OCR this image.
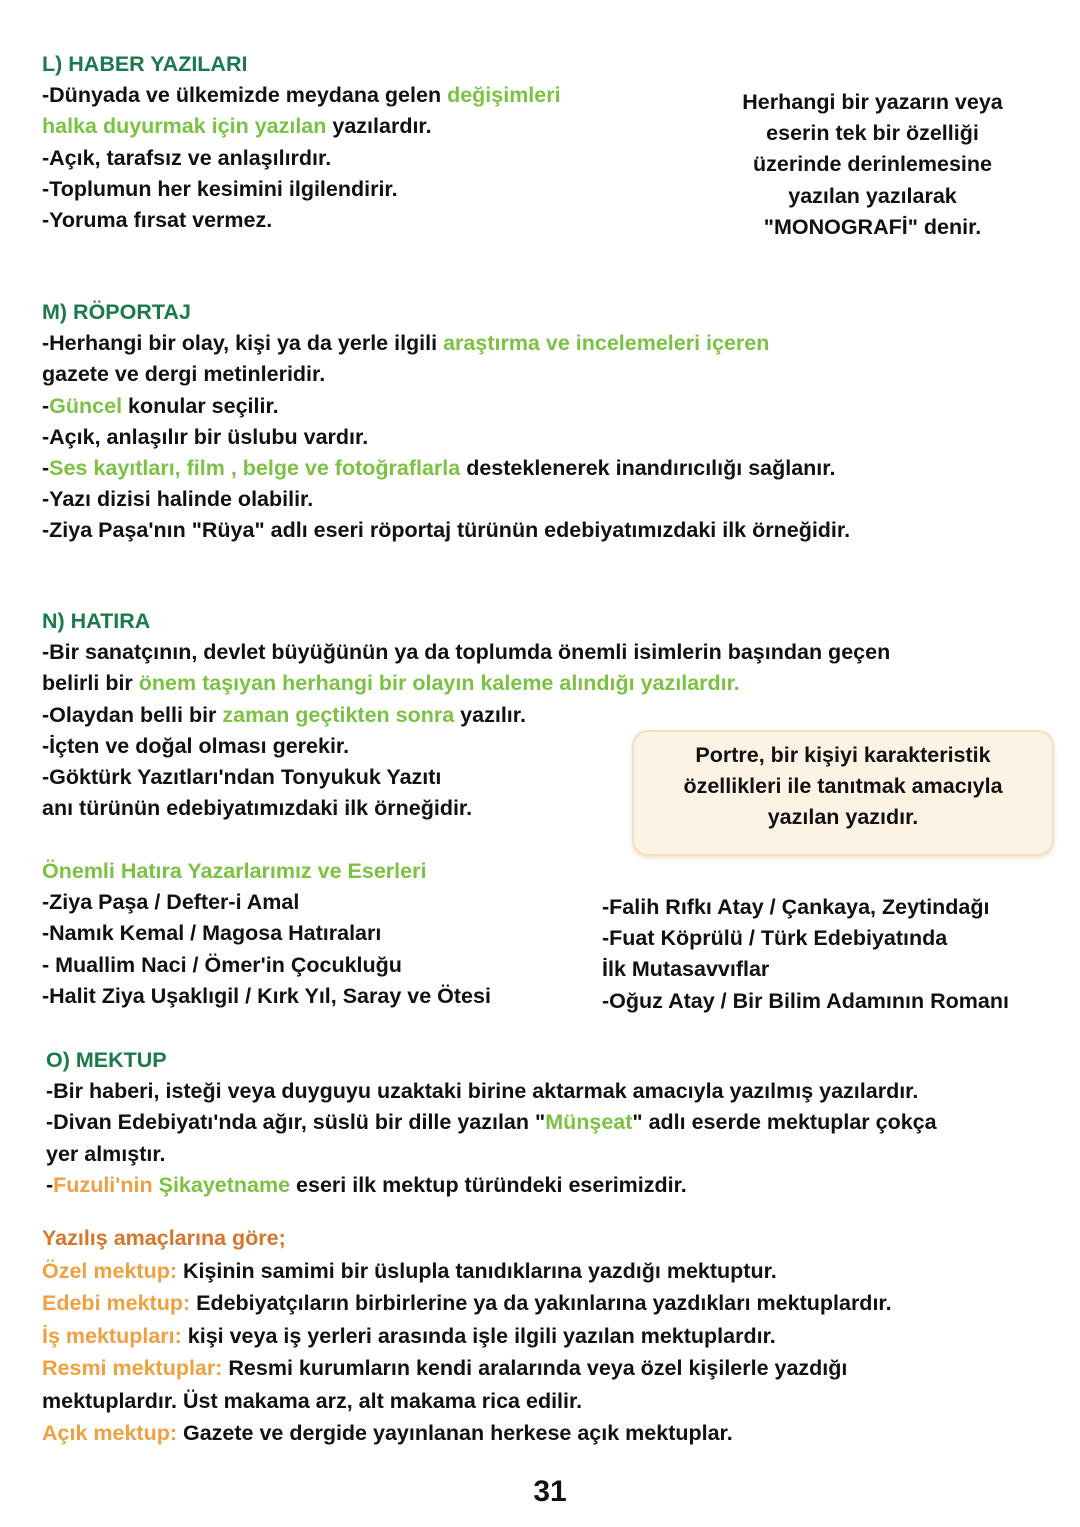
L) HABER YAZILARI
-Dünyada ve ülkemizde meydana gelen değişimleri
halka duyurmak için yazılan yazılardır.
-Açık, tarafsız ve anlaşılırdır.
-Toplumun her kesimini ilgilendirir.
-Yoruma fırsat vermez.
Herhangi bir yazarın veya
eserin tek bir özelliği
üzerinde derinlemesine
yazılan yazılarak
"MONOGRAFİ" denir.
M) RÖPORTAJ
-Herhangi bir olay, kişi ya da yerle ilgili araştırma ve incelemeleri içeren
gazete ve dergi metinleridir.
-Güncel konular seçilir.
-Açık, anlaşılır bir üslubu vardır.
-Ses kayıtları, film , belge ve fotoğraflarla desteklenerek inandırıcılığı sağlanır.
-Yazı dizisi halinde olabilir.
-Ziya Paşa'nın "Rüya" adlı eseri röportaj türünün edebiyatımızdaki ilk örneğidir.
N) HATIRA
-Bir sanatçının, devlet büyüğünün ya da toplumda önemli isimlerin başından geçen
belirli bir önem taşıyan herhangi bir olayın kaleme alındığı yazılardır.
-Olaydan belli bir zaman geçtikten sonra yazılır.
-İçten ve doğal olması gerekir.
-Göktürk Yazıtları'ndan Tonyukuk Yazıtı
anı türünün edebiyatımızdaki ilk örneğidir.
Portre, bir kişiyi karakteristik
özellikleri ile tanıtmak amacıyla
yazılan yazıdır.
Önemli Hatıra Yazarlarımız ve Eserleri
-Ziya Paşa / Defter-i Amal
-Namık Kemal / Magosa Hatıraları
- Muallim Naci / Ömer'in Çocukluğu
-Halit Ziya Uşaklıgil / Kırk Yıl, Saray ve Ötesi
-Falih Rıfkı Atay / Çankaya, Zeytindağı
-Fuat Köprülü / Türk Edebiyatında
İlk Mutasavvıflar
-Oğuz Atay / Bir Bilim Adamının Romanı
O) MEKTUP
-Bir haberi, isteği veya duyguyu uzaktaki birine aktarmak amacıyla yazılmış yazılardır.
-Divan Edebiyatı'nda ağır, süslü bir dille yazılan "Münşeat" adlı eserde mektuplar çokça
yer almıştır.
-Fuzuli'nin Şikayetname eseri ilk mektup türündeki eserimizdir.
Yazılış amaçlarına göre;
Özel mektup: Kişinin samimi bir üslupla tanıdıklarına yazdığı mektuptur.
Edebi mektup: Edebiyatçıların birbirlerine ya da yakınlarına yazdıkları mektuplardır.
İş mektupları: kişi veya iş yerleri arasında işle ilgili yazılan mektuplardır.
Resmi mektuplar: Resmi kurumların kendi aralarında veya özel kişilerle yazdığı
mektuplardır. Üst makama arz, alt makama rica edilir.
Açık mektup: Gazete ve dergide yayınlanan herkese açık mektuplar.
31
